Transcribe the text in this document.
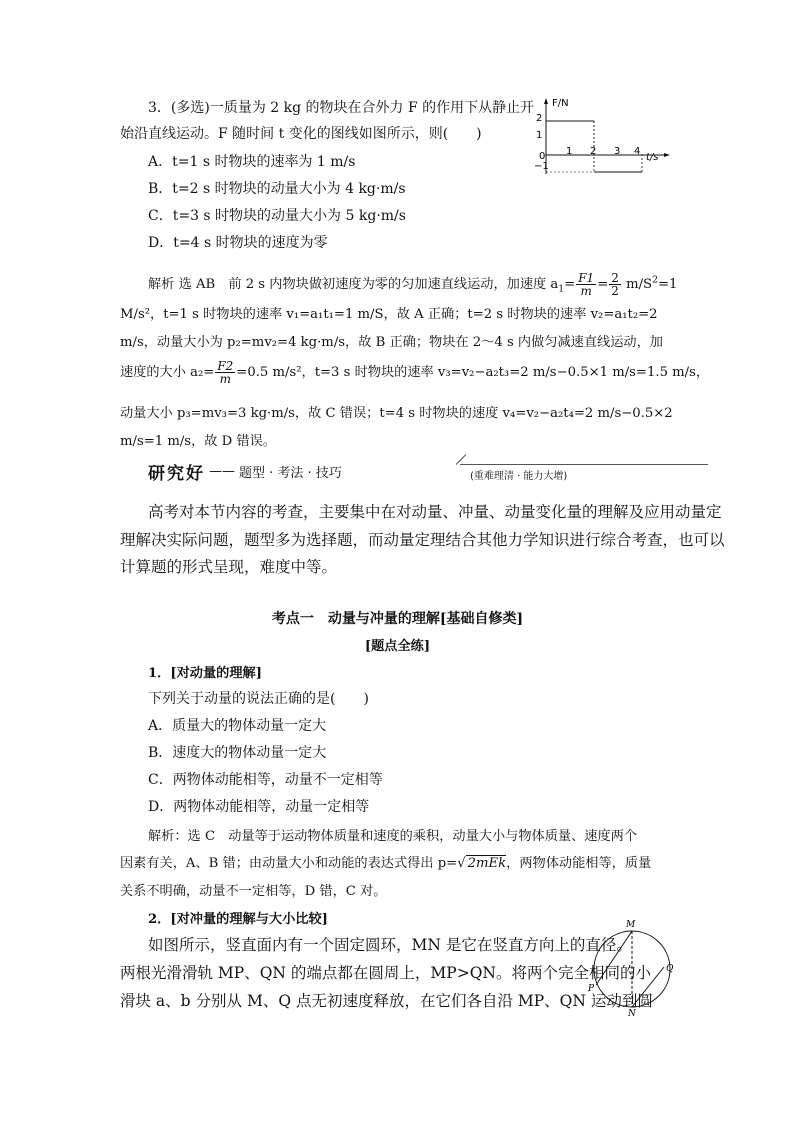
3．(多选)一质量为 2 kg 的物块在合外力 F 的作用下从静止开
始沿直线运动。F 随时间 t 变化的图线如图所示，则(　　)
A．t=1 s 时物块的速率为 1 m/s
B．t=2 s 时物块的动量大小为 4 kg·m/s
C．t=3 s 时物块的动量大小为 5 kg·m/s
D．t=4 s 时物块的速度为零
F/N
t/s
2
1
0
−1
1 2 3 4
解析 选 AB　前 2 s 内物块做初速度为零的匀加速直线运动，加速度 $a_1= \frac{F1}{m} = \frac{2}{2} m/S^2=1$
M/s²，t=1 s 时物块的速率 v₁=a₁t₁=1 m/S，故 A 正确；t=2 s 时物块的速率 v₂=a₁t₂=2
m/s，动量大小为 p₂=mv₂=4 kg·m/s，故 B 正确；物块在 2～4 s 内做匀减速直线运动，加
速度的大小 $a_2= \frac{F2}{m} =0.5$ m/s²，t=3 s 时物块的速率 v₃=v₂−a₂t₃=2 m/s−0.5×1 m/s=1.5 m/s，
动量大小 p₃=mv₃=3 kg·m/s，故 C 错误；t=4 s 时物块的速度 v₄=v₂−a₂t₄=2 m/s−0.5×2
m/s=1 m/s，故 D 错误。
研究好 —— 题型 · 考法 · 技巧	(重难理清 · 能力大增)
高考对本节内容的考查，主要集中在对动量、冲量、动量变化量的理解及应用动量定
理解决实际问题，题型多为选择题，而动量定理结合其他力学知识进行综合考查，也可以
计算题的形式呈现，难度中等。
考点一　动量与冲量的理解[基础自修类]
[题点全练]
1．[对动量的理解]
下列关于动量的说法正确的是(　　)
A．质量大的物体动量一定大
B．速度大的物体动量一定大
C．两物体动能相等，动量不一定相等
D．两物体动能相等，动量一定相等
解析：选 C　动量等于运动物体质量和速度的乘积，动量大小与物体质量、速度两个
因素有关，A、B 错；由动量大小和动能的表达式得出 p=√ 2mEk，两物体动能相等，质量
关系不明确，动量不一定相等，D 错，C 对。
2．[对冲量的理解与大小比较]
如图所示，竖直面内有一个固定圆环，MN 是它在竖直方向上的直径。
两根光滑滑轨 MP、QN 的端点都在圆周上，MP>QN。将两个完全相同的小
滑块 a、b 分别从 M、Q 点无初速度释放，在它们各自沿 MP、QN 运动到圆
M
N
P
Q
